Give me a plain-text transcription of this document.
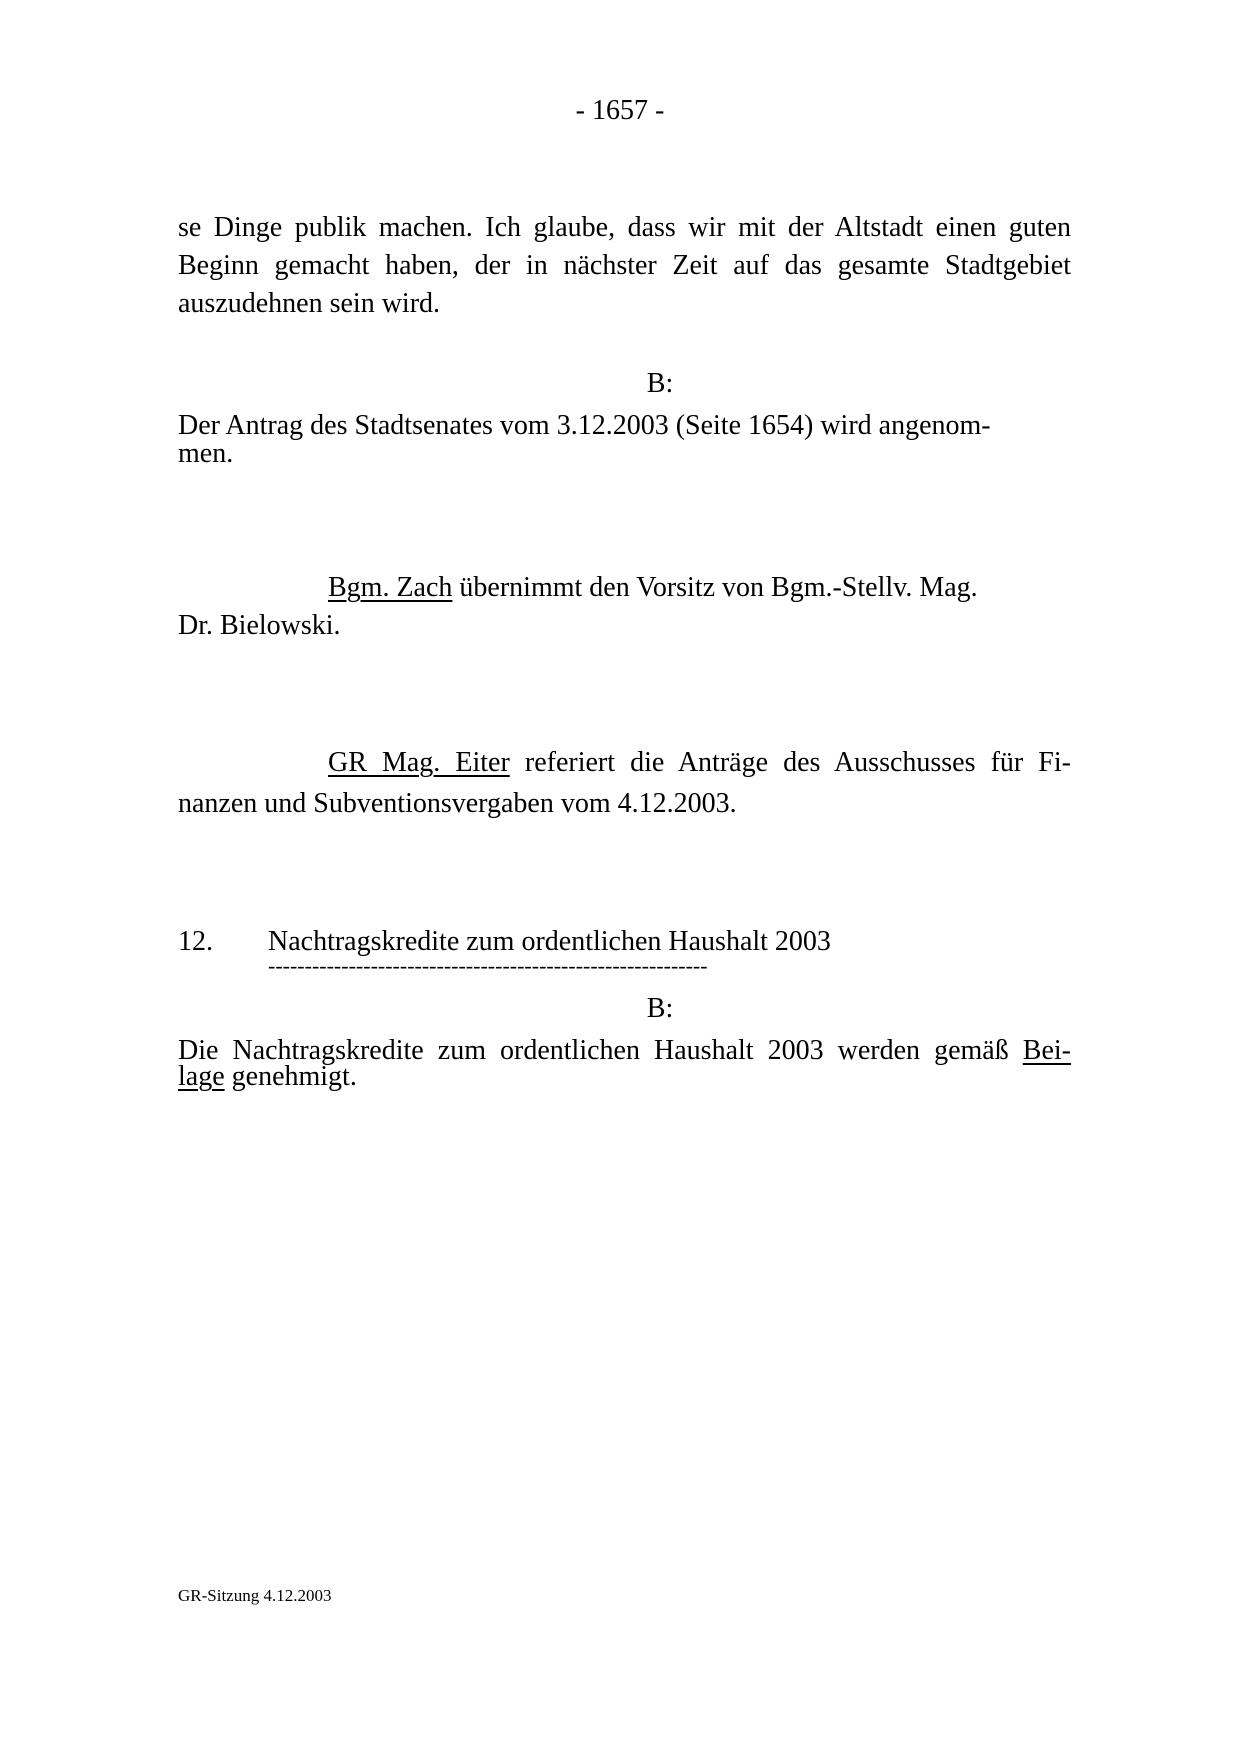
- 1657 -
se Dinge publik machen. Ich glaube, dass wir mit der Altstadt einen guten
Beginn gemacht haben, der in nächster Zeit auf das gesamte Stadtgebiet
auszudehnen sein wird.
B:
Der Antrag des Stadtsenates vom 3.12.2003 (Seite 1654) wird angenom-
men.
Bgm. Zach übernimmt den Vorsitz von Bgm.-Stellv. Mag.
Dr. Bielowski.
GR Mag. Eiter referiert die Anträge des Ausschusses für Fi-
nanzen und Subventionsvergaben vom 4.12.2003.
12. Nachtragskredite zum ordentlichen Haushalt 2003
------------------------------------------------------------
B:
Die Nachtragskredite zum ordentlichen Haushalt 2003 werden gemäß Bei-
lage genehmigt.
GR-Sitzung 4.12.2003
